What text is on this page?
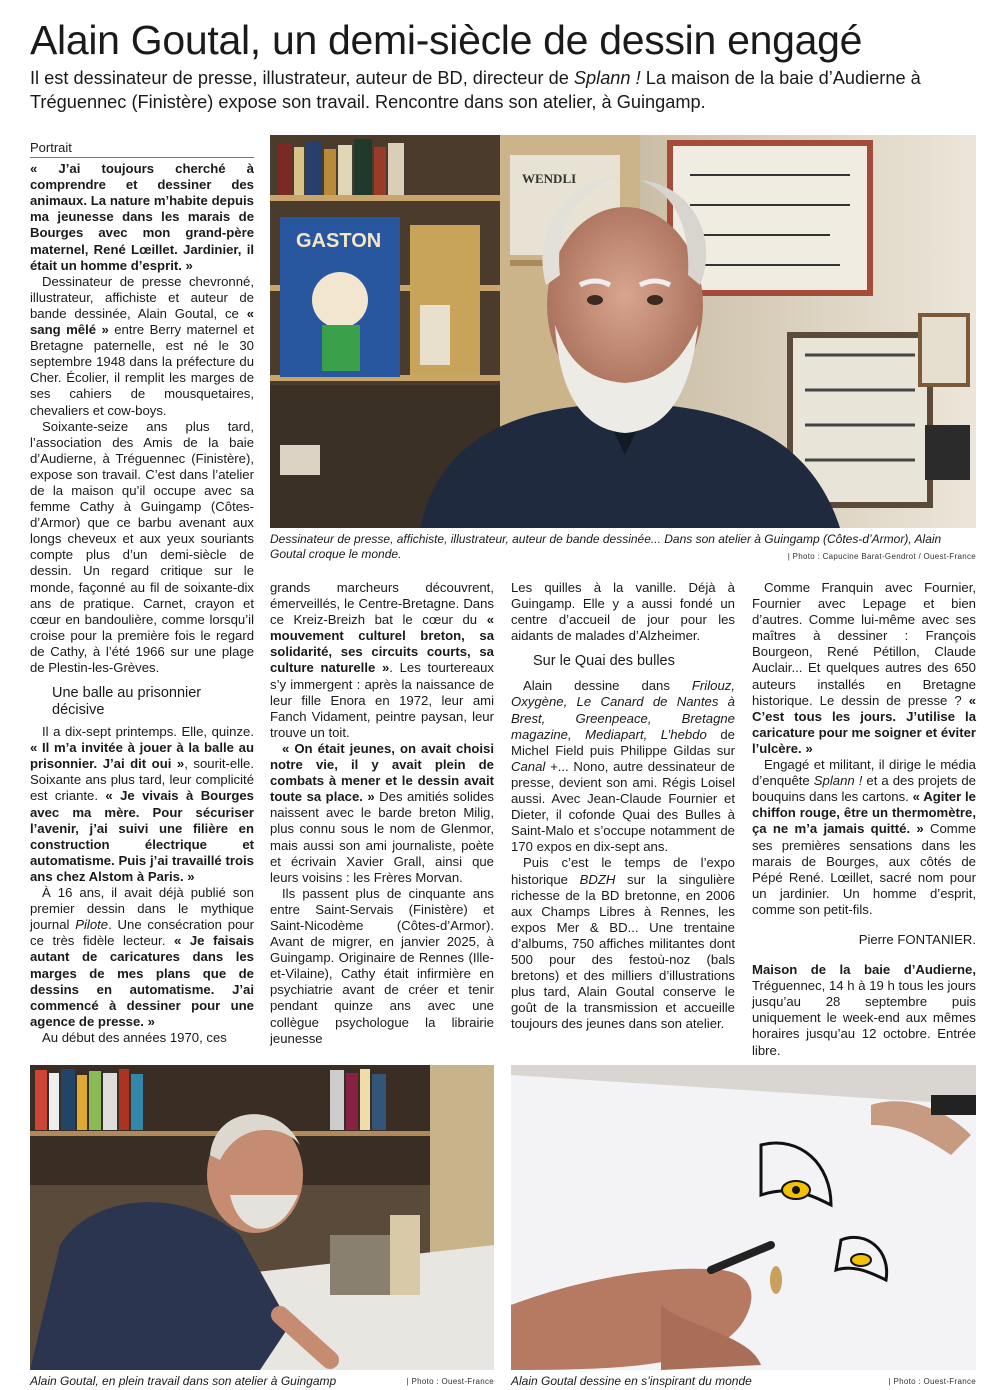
Alain Goutal, un demi-siècle de dessin engagé
Il est dessinateur de presse, illustrateur, auteur de BD, directeur de Splann ! La maison de la baie d’Audierne à Tréguennec (Finistère) expose son travail. Rencontre dans son atelier, à Guingamp.
GASTON
WENDLI
Dessinateur de presse, affichiste, illustrateur, auteur de bande dessinée... Dans son atelier à Guingamp (Côtes-d’Armor), Alain Goutal croque le monde.	| Photo : Capucine Barat-Gendrot / Ouest-France
Portrait

« J’ai toujours cherché à comprendre et dessiner des animaux. La nature m’habite depuis ma jeunesse dans les marais de Bourges avec mon grand-père maternel, René Lœillet. Jardinier, il était un homme d’esprit. »

Dessinateur de presse chevronné, illustrateur, affichiste et auteur de bande dessinée, Alain Goutal, ce « sang mêlé » entre Berry maternel et Bretagne paternelle, est né le 30 septembre 1948 dans la préfecture du Cher. Écolier, il remplit les marges de ses cahiers de mousquetaires, chevaliers et cow-boys.

Soixante-seize ans plus tard, l’association des Amis de la baie d’Audierne, à Tréguennec (Finistère), expose son travail. C’est dans l’atelier de la maison qu’il occupe avec sa femme Cathy à Guingamp (Côtes-d’Armor) que ce barbu avenant aux longs cheveux et aux yeux souriants compte plus d’un demi-siècle de dessin. Un regard critique sur le monde, façonné au fil de soixante-dix ans de pratique. Carnet, crayon et cœur en bandoulière, comme lorsqu’il croise pour la première fois le regard de Cathy, à l’été 1966 sur une plage de Plestin-les-Grèves.

Une balle au prisonnier décisive

Il a dix-sept printemps. Elle, quinze. « Il m’a invitée à jouer à la balle au prisonnier. J’ai dit oui », sourit-elle. Soixante ans plus tard, leur complicité est criante. « Je vivais à Bourges avec ma mère. Pour sécuriser l’avenir, j’ai suivi une filière en construction électrique et automatisme. Puis j’ai travaillé trois ans chez Alstom à Paris. »

À 16 ans, il avait déjà publié son premier dessin dans le mythique journal Pilote. Une consécration pour ce très fidèle lecteur. « Je faisais autant de caricatures dans les marges de mes plans que de dessins en automatisme. J’ai commencé à dessiner pour une agence de presse. »

Au début des années 1970, ces

grands marcheurs découvrent, émerveillés, le Centre-Bretagne. Dans ce Kreiz-Breizh bat le cœur du « mouvement culturel breton, sa solidarité, ses circuits courts, sa culture naturelle ». Les tourtereaux s’y immergent : après la naissance de leur fille Enora en 1972, leur ami Fanch Vidament, peintre paysan, leur trouve un toit.

« On était jeunes, on avait choisi notre vie, il y avait plein de combats à mener et le dessin avait toute sa place. » Des amitiés solides naissent avec le barde breton Milig, plus connu sous le nom de Glenmor, mais aussi son ami journaliste, poète et écrivain Xavier Grall, ainsi que leurs voisins : les Frères Morvan.

Ils passent plus de cinquante ans entre Saint-Servais (Finistère) et Saint-Nicodème (Côtes-d’Armor). Avant de migrer, en janvier 2025, à Guingamp. Originaire de Rennes (Ille-et-Vilaine), Cathy était infirmière en psychiatrie avant de créer et tenir pendant quinze ans avec une collègue psychologue la librairie jeunesse

Les quilles à la vanille. Déjà à Guingamp. Elle y a aussi fondé un centre d’accueil de jour pour les aidants de malades d’Alzheimer.

Sur le Quai des bulles

Alain dessine dans Frilouz, Oxygène, Le Canard de Nantes à Brest, Greenpeace, Bretagne magazine, Mediapart, L’hebdo de Michel Field puis Philippe Gildas sur Canal +... Nono, autre dessinateur de presse, devient son ami. Régis Loisel aussi. Avec Jean-Claude Fournier et Dieter, il cofonde Quai des Bulles à Saint-Malo et s’occupe notamment de 170 expos en dix-sept ans.

Puis c’est le temps de l’expo historique BDZH sur la singulière richesse de la BD bretonne, en 2006 aux Champs Libres à Rennes, les expos Mer & BD... Une trentaine d’albums, 750 affiches militantes dont 500 pour des festoù-noz (bals bretons) et des milliers d’illustrations plus tard, Alain Goutal conserve le goût de la transmission et accueille toujours des jeunes dans son atelier.

Comme Franquin avec Fournier, Fournier avec Lepage et bien d’autres. Comme lui-même avec ses maîtres à dessiner : François Bourgeon, René Pétillon, Claude Auclair... Et quelques autres des 650 auteurs installés en Bretagne historique. Le dessin de presse ? « C’est tous les jours. J’utilise la caricature pour me soigner et éviter l’ulcère. »

Engagé et militant, il dirige le média d’enquête Splann ! et a des projets de bouquins dans les cartons. « Agiter le chiffon rouge, être un thermomètre, ça ne m’a jamais quitté. » Comme ses premières sensations dans les marais de Bourges, aux côtés de Pépé René. Lœillet, sacré nom pour un jardinier. Un homme d’esprit, comme son petit-fils.

Pierre FONTANIER.

Maison de la baie d’Audierne, Tréguennec, 14 h à 19 h tous les jours jusqu’au 28 septembre puis uniquement le week-end aux mêmes horaires jusqu’au 12 octobre. Entrée libre.

Alain Goutal, en plein travail dans son atelier à Guingamp	| Photo : Ouest-France Alain Goutal dessine en s’inspirant du monde	| Photo : Ouest-France
